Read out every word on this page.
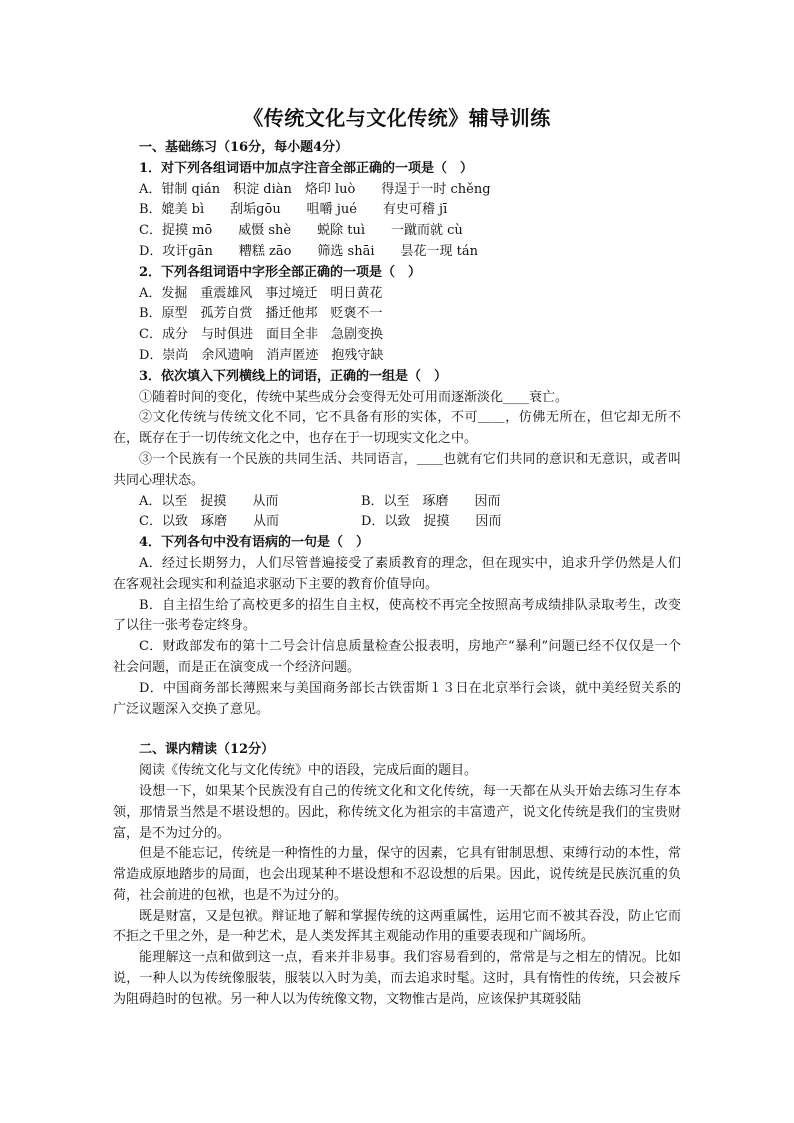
《传统文化与文化传统》辅导训练
一、基础练习（16分，每小题4分）
1．对下列各组词语中加点字注音全部正确的一项是（　）
A．钳制 qián　积淀 diàn　烙印 luò　　得逞于一时 chěng
B．媲美 bì　　刮垢ɡōu　　咀嚼 jué　　有史可稽 jī
C．捉摸 mō　　威慑 shè　　蜕除 tuì　　一蹴而就 cù
D．攻讦ɡān　　糟糕 zāo　　筛选 shāi　　昙花一现 tán
2．下列各组词语中字形全部正确的一项是（　）
A．发掘　重震雄风　事过境迁　明日黄花
B．原型　孤芳自赏　播迁他邦　贬褒不一
C．成分　与时俱进　面目全非　急剧变换
D．崇尚　余风遗响　消声匿迹　抱残守缺
3．依次填入下列横线上的词语，正确的一组是（　）
①随着时间的变化，传统中某些成分会变得无处可用而逐渐淡化____衰亡。
②文化传统与传统文化不同，它不具备有形的实体，不可＿＿，仿佛无所在，但它却无所不在，既存在于一切传统文化之中，也存在于一切现实文化之中。
③一个民族有一个民族的共同生活、共同语言，＿＿也就有它们共同的意识和无意识，或者叫共同心理状态。
A．以至　捉摸　　从而	B．以至　琢磨　　因而
C．以致　琢磨　　从而	D．以致　捉摸　　因而
4．下列各句中没有语病的一句是（　）
A．经过长期努力，人们尽管普遍接受了素质教育的理念，但在现实中，追求升学仍然是人们在客观社会现实和利益追求驱动下主要的教育价值导向。
B．自主招生给了高校更多的招生自主权，使高校不再完全按照高考成绩排队录取考生，改变了以往一张考卷定终身。
C．财政部发布的第十二号会计信息质量检查公报表明，房地产“暴利”问题已经不仅仅是一个社会问题，而是正在演变成一个经济问题。
D．中国商务部长薄熙来与美国商务部长古铁雷斯１３日在北京举行会谈，就中美经贸关系的广泛议题深入交换了意见。
二、课内精读（12分）
阅读《传统文化与文化传统》中的语段，完成后面的题目。
设想一下，如果某个民族没有自己的传统文化和文化传统，每一天都在从头开始去练习生存本领，那情景当然是不堪设想的。因此，称传统文化为祖宗的丰富遗产，说文化传统是我们的宝贵财富，是不为过分的。
但是不能忘记，传统是一种惰性的力量，保守的因素，它具有钳制思想、束缚行动的本性，常常造成原地踏步的局面，也会出现某种不堪设想和不忍设想的后果。因此，说传统是民族沉重的负荷，社会前进的包袱，也是不为过分的。
既是财富，又是包袱。辩证地了解和掌握传统的这两重属性，运用它而不被其吞没，防止它而不拒之千里之外，是一种艺术，是人类发挥其主观能动作用的重要表现和广阔场所。
能理解这一点和做到这一点，看来并非易事。我们容易看到的，常常是与之相左的情况。比如说，一种人以为传统像服装，服装以入时为美，而去追求时髦。这时，具有惰性的传统，只会被斥为阻碍趋时的包袱。另一种人以为传统像文物，文物惟古是尚，应该保护其斑驳陆
